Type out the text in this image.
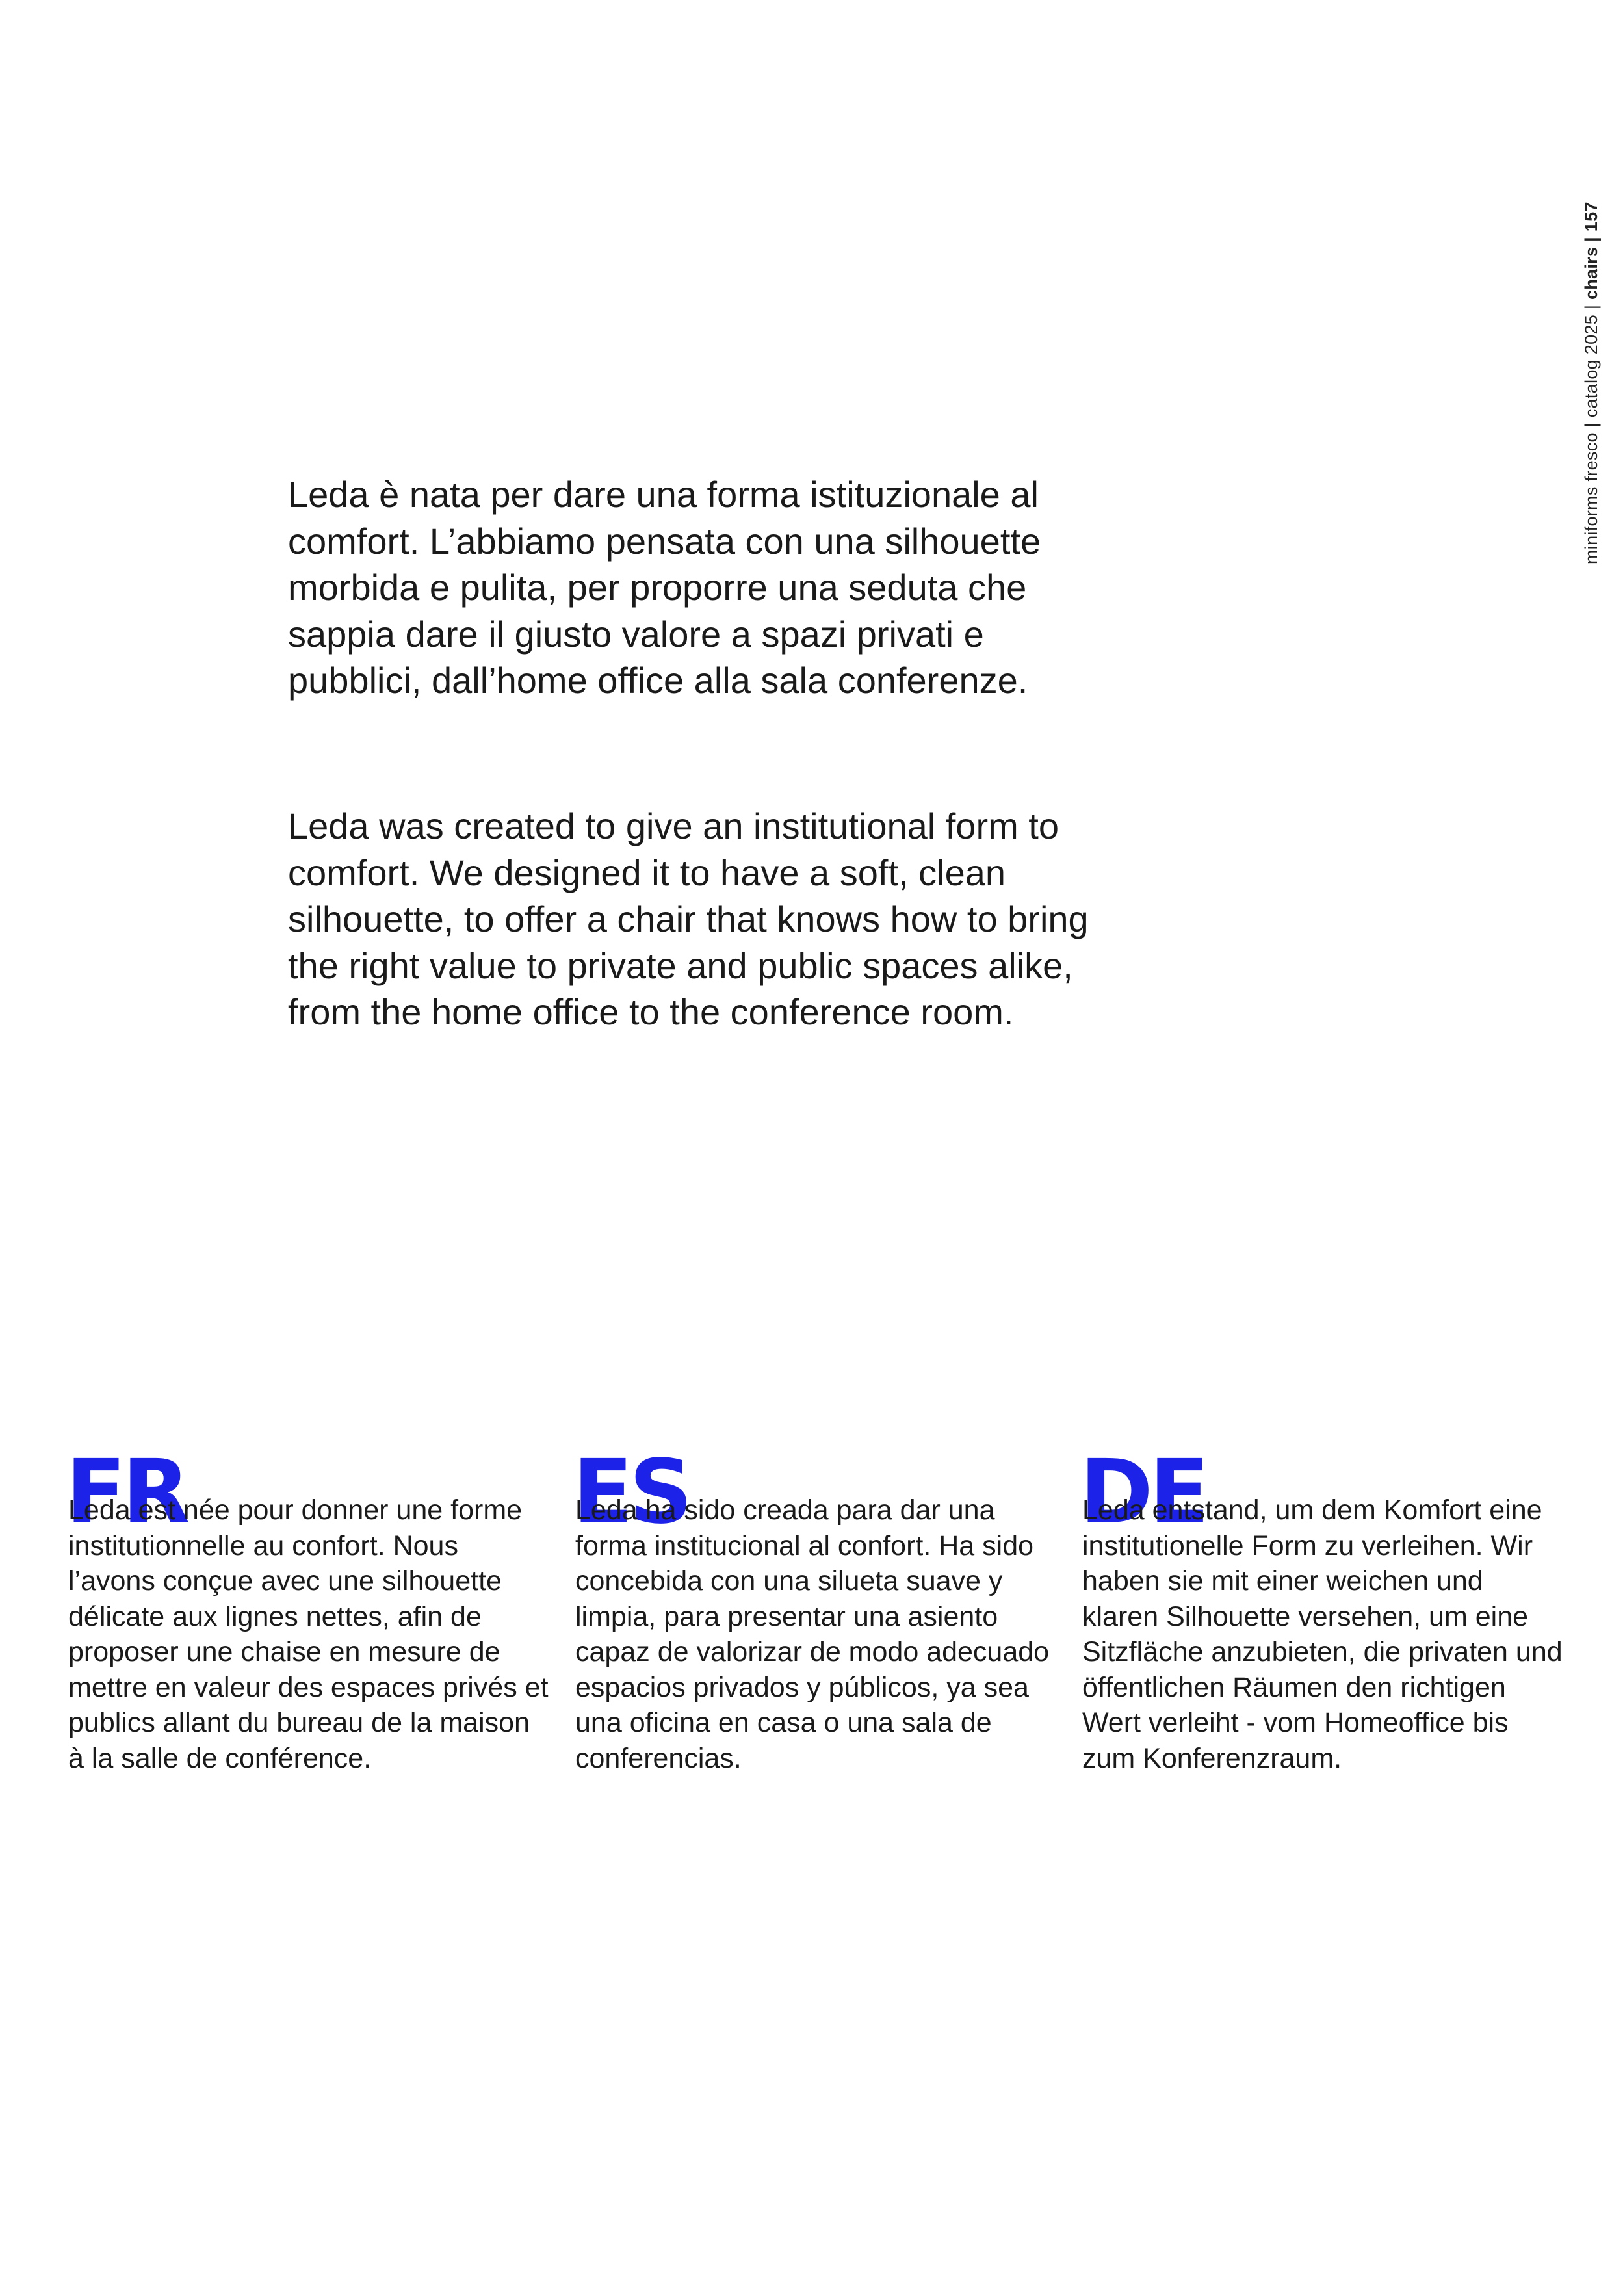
miniforms fresco | catalog 2025 | chairs | 157

Leda è nata per dare una forma istituzionale al comfort. L’abbiamo pensata con una silhouette morbida e pulita, per proporre una seduta che sappia dare il giusto valore a spazi privati e pubblici, dall’home office alla sala conferenze.

Leda was created to give an institutional form to comfort. We designed it to have a soft, clean silhouette, to offer a chair that knows how to bring the right value to private and public spaces alike, from the home office to the conference room.

FR

Leda est née pour donner une forme institutionnelle au confort. Nous l’avons conçue avec une silhouette délicate aux lignes nettes, afin de proposer une chaise en mesure de mettre en valeur des espaces privés et publics allant du bureau de la maison à la salle de conférence.

ES

Leda ha sido creada para dar una forma institucional al confort. Ha sido concebida con una silueta suave y limpia, para presentar una asiento capaz de valorizar de modo adecuado espacios privados y públicos, ya sea una oficina en casa o una sala de conferencias.

DE

Leda entstand, um dem Komfort eine institutionelle Form zu verleihen. Wir haben sie mit einer weichen und klaren Silhouette versehen, um eine Sitzfläche anzubieten, die privaten und öffentlichen Räumen den richtigen Wert verleiht - vom Homeoffice bis zum Konferenzraum.
